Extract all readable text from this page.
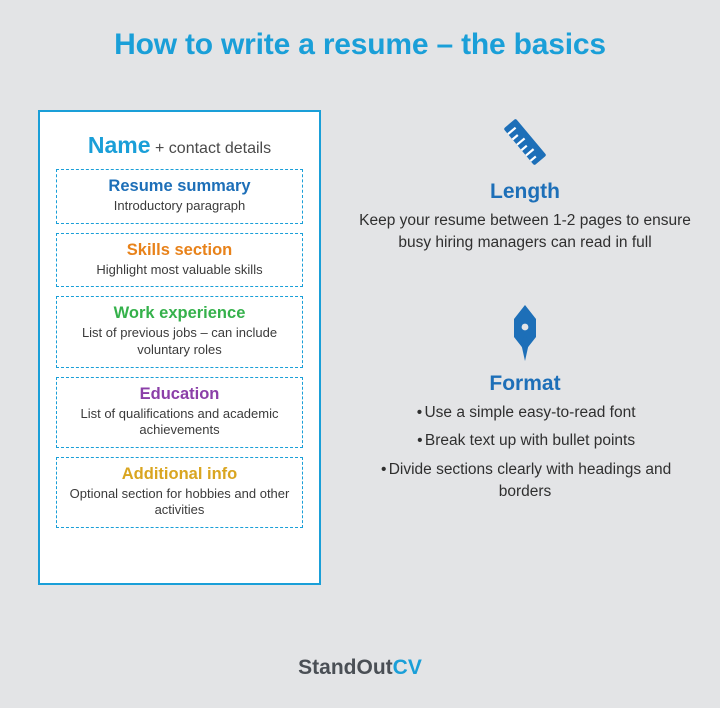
How to write a resume – the basics
Name + contact details
Resume summary
Introductory paragraph
Skills section
Highlight most valuable skills
Work experience
List of previous jobs – can include voluntary roles
Education
List of qualifications and academic achievements
Additional info
Optional section for hobbies and other activities
Length
Keep your resume between 1-2 pages to ensure busy hiring managers can read in full
Format
• Use a simple easy-to-read font
• Break text up with bullet points
• Divide sections clearly with headings and borders
StandOutCV
